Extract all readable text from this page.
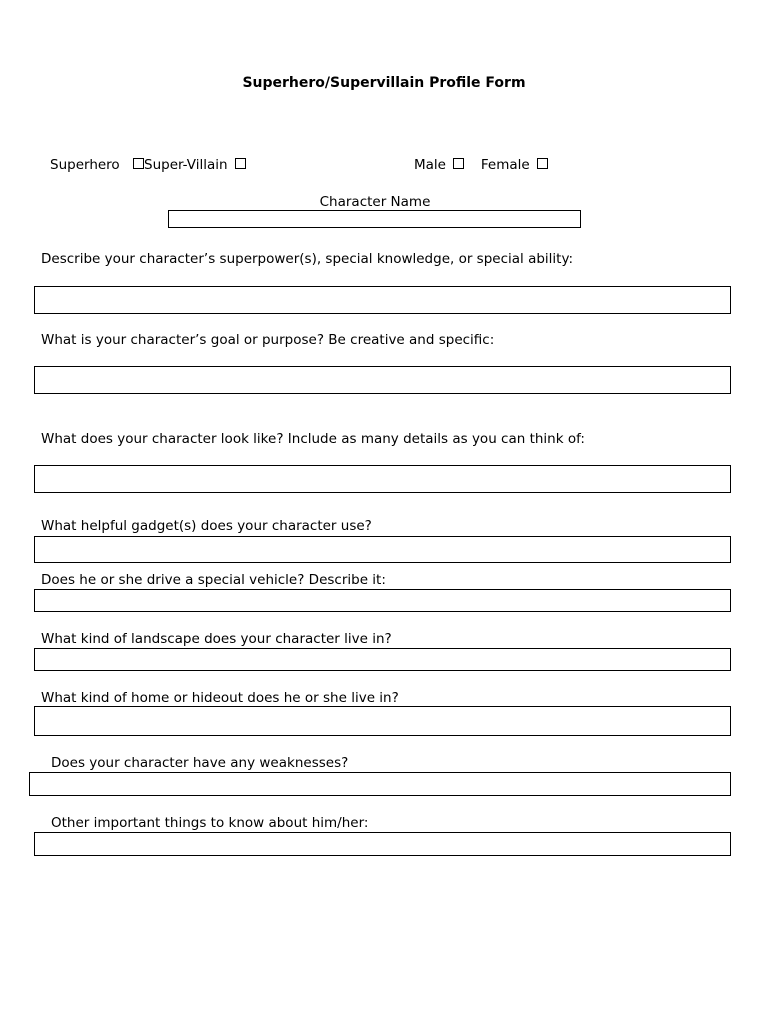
Superhero/Supervillain Profile Form
Superhero Super-Villain	Male	Female
Character Name
Describe your character’s superpower(s), special knowledge, or special ability:
What is your character’s goal or purpose? Be creative and specific:
What does your character look like? Include as many details as you can think of:
What helpful gadget(s) does your character use?
Does he or she drive a special vehicle? Describe it:
What kind of landscape does your character live in?
What kind of home or hideout does he or she live in?
Does your character have any weaknesses?
Other important things to know about him/her:
